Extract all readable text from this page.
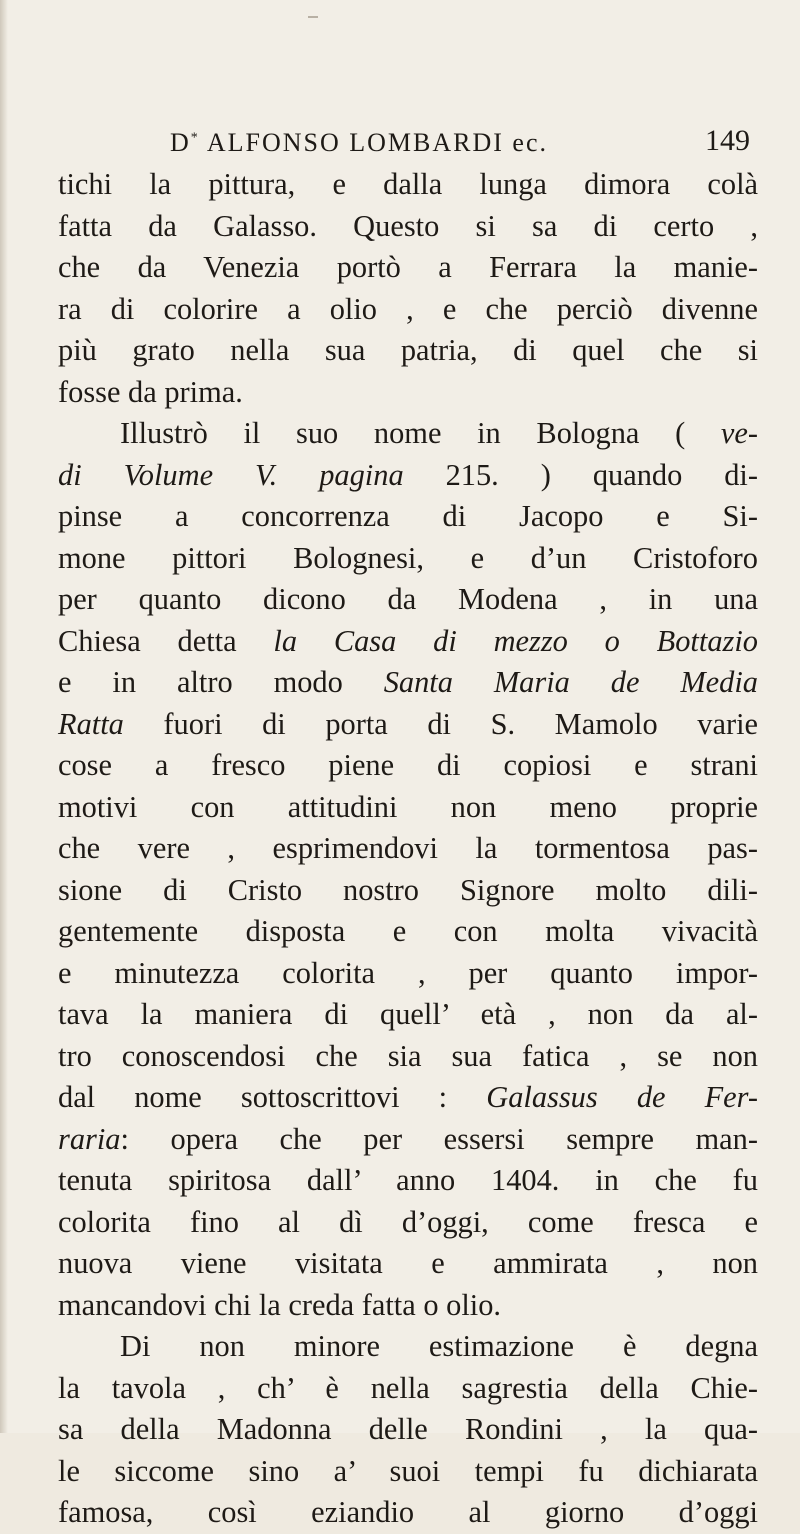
D* ALFONSO LOMBARDI ec.	149
tichi la pittura, e dalla lunga dimora colà
fatta da Galasso. Questo si sa di certo ,
che da Venezia portò a Ferrara la manie-
ra di colorire a olio , e che perciò divenne
più grato nella sua patria, di quel che si
fosse da prima.
Illustrò il suo nome in Bologna ( ve-
di Volume V. pagina 215. ) quando di-
pinse a concorrenza di Jacopo e Si-
mone pittori Bolognesi, e d’un Cristoforo
per quanto dicono da Modena , in una
Chiesa detta la Casa di mezzo o Bottazio
e in altro modo Santa Maria de Media
Ratta fuori di porta di S. Mamolo varie
cose a fresco piene di copiosi e strani
motivi con attitudini non meno proprie
che vere , esprimendovi la tormentosa pas-
sione di Cristo nostro Signore molto dili-
gentemente disposta e con molta vivacità
e minutezza colorita , per quanto impor-
tava la maniera di quell’ età , non da al-
tro conoscendosi che sia sua fatica , se non
dal nome sottoscrittovi : Galassus de Fer-
raria: opera che per essersi sempre man-
tenuta spiritosa dall’ anno 1404. in che fu
colorita fino al dì d’oggi, come fresca e
nuova viene visitata e ammirata , non
mancandovi chi la creda fatta o olio.
Di non minore estimazione è degna
la tavola , ch’ è nella sagrestia della Chie-
sa della Madonna delle Rondini , la qua-
le siccome sino a’ suoi tempi fu dichiarata
famosa, così eziandio al giorno d’oggi
